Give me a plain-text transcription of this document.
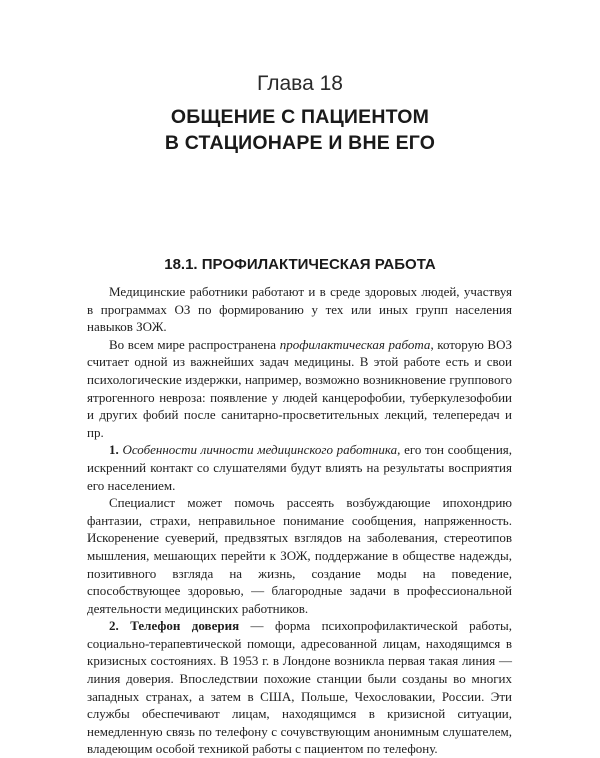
Глава 18
ОБЩЕНИЕ С ПАЦИЕНТОМ
В СТАЦИОНАРЕ И ВНЕ ЕГО
18.1. ПРОФИЛАКТИЧЕСКАЯ РАБОТА

Медицинские работники работают и в среде здоровых людей, участвуя в программах ОЗ по формированию у тех или иных групп населения навыков ЗОЖ.

Во всем мире распространена профилактическая работа, которую ВОЗ считает одной из важнейших задач медицины. В этой работе есть и свои психологические издержки, например, возможно возникновение группового ятрогенного невроза: появление у людей канцерофобии, туберкулезофобии и других фобий после санитарно-просветительных лекций, телепередач и пр.

1. Особенности личности медицинского работника, его тон сообщения, искренний контакт со слушателями будут влиять на результаты восприятия его населением.

Специалист может помочь рассеять возбуждающие ипохондрию фантазии, страхи, неправильное понимание сообщения, напряженность. Искоренение суеверий, предвзятых взглядов на заболевания, стереотипов мышления, мешающих перейти к ЗОЖ, поддержание в обществе надежды, позитивного взгляда на жизнь, создание моды на поведение, способствующее здоровью, — благородные задачи в профессиональной деятельности медицинских работников.

2. Телефон доверия — форма психопрофилактической работы, социально-терапевтической помощи, адресованной лицам, находящимся в кризисных состояниях. В 1953 г. в Лондоне возникла первая такая линия — линия доверия. Впоследствии похожие станции были созданы во многих западных странах, а затем в США, Польше, Чехословакии, России. Эти службы обеспечивают лицам, находящимся в кризисной ситуации, немедленную связь по телефону с сочувствующим анонимным слушателем, владеющим особой техникой работы с пациентом по телефону.
